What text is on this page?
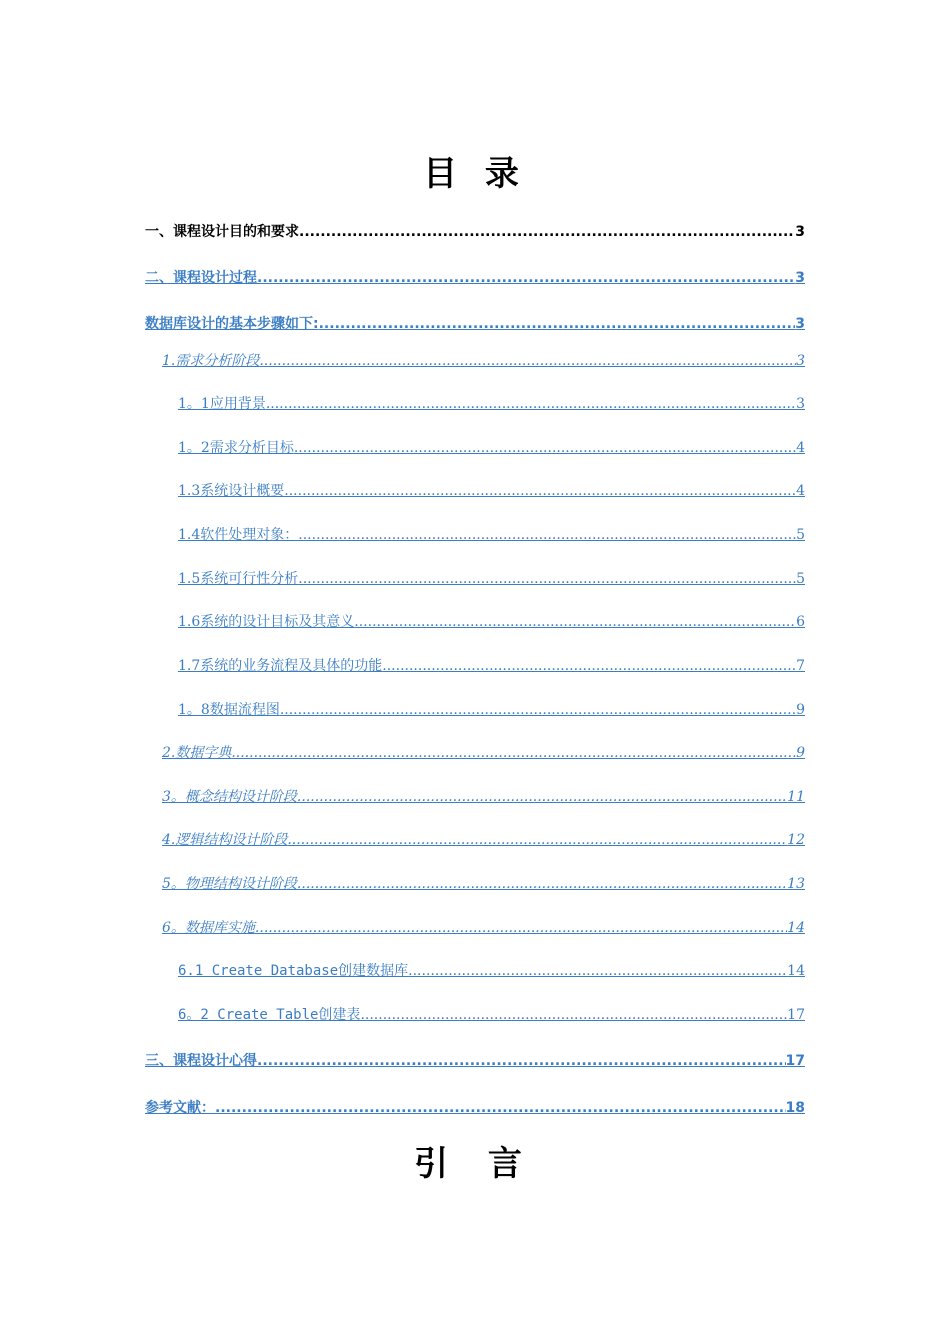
目 录
一、课程设计目的和要求 .....	3
二、课程设计过程 .....	3
数据库设计的基本步骤如下: .....	3
1.需求分析阶段 .....	3
1。1应用背景 .....	3
1。2需求分析目标 .....	4
1.3系统设计概要 .....	4
1.4软件处理对象： .....	5
1.5系统可行性分析 .....	5
1.6系统的设计目标及其意义 .....	6
1.7系统的业务流程及具体的功能 .....	7
1。8数据流程图 .....	9
2.数据字典 .....	9
3。概念结构设计阶段 .....	11
4.逻辑结构设计阶段 .....	12
5。物理结构设计阶段 .....	13
6。数据库实施 .....	14
6.1 Create Database创建数据库 .....	14
6。2 Create Table创建表 .....	17
三、课程设计心得 .....	17
参考文献： .....	18
引 言
